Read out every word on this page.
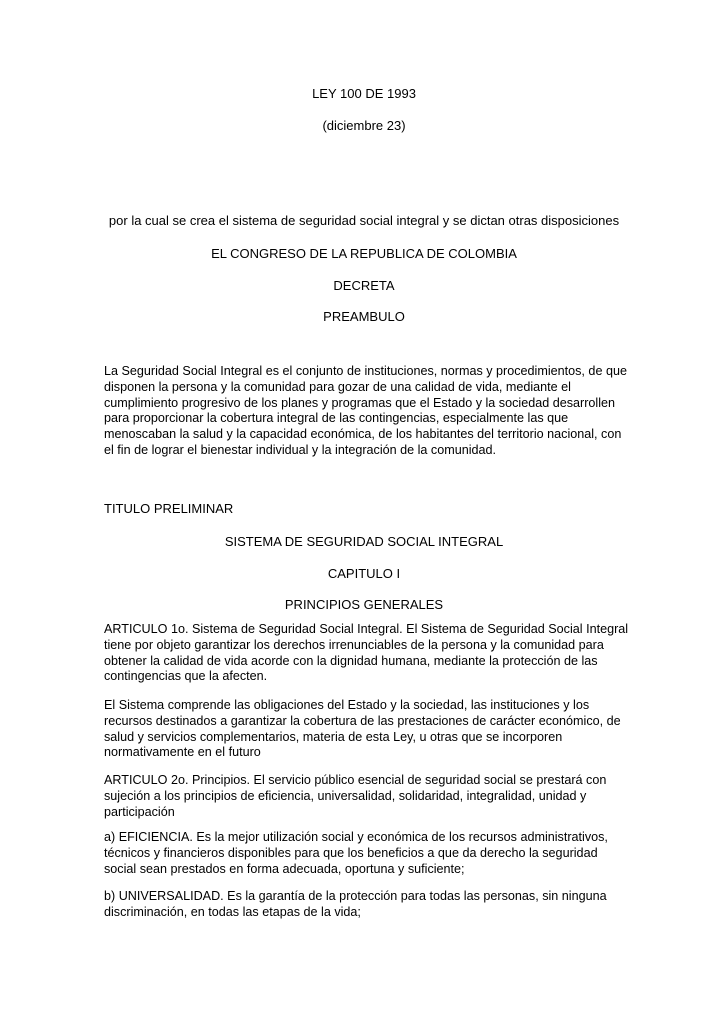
LEY 100 DE 1993

(diciembre 23)

por la cual se crea el sistema de seguridad social integral y se dictan otras disposiciones

EL CONGRESO DE LA REPUBLICA DE COLOMBIA

DECRETA

PREAMBULO

La Seguridad Social Integral es el conjunto de instituciones, normas y procedimientos, de que disponen la persona y la comunidad para gozar de una calidad de vida, mediante el cumplimiento progresivo de los planes y programas que el Estado y la sociedad desarrollen para proporcionar la cobertura integral de las contingencias, especialmente las que menoscaban la salud y la capacidad económica, de los habitantes del territorio nacional, con el fin de lograr el bienestar individual y la integración de la comunidad.

TITULO PRELIMINAR

SISTEMA DE SEGURIDAD SOCIAL INTEGRAL

CAPITULO I

PRINCIPIOS GENERALES

ARTICULO 1o. Sistema de Seguridad Social Integral. El Sistema de Seguridad Social Integral tiene por objeto garantizar los derechos irrenunciables de la persona y la comunidad para obtener la calidad de vida acorde con la dignidad humana, mediante la protección de las contingencias que la afecten.

El Sistema comprende las obligaciones del Estado y la sociedad, las instituciones y los recursos destinados a garantizar la cobertura de las prestaciones de carácter económico, de salud y servicios complementarios, materia de esta Ley, u otras que se incorporen normativamente en el futuro

ARTICULO 2o. Principios. El servicio público esencial de seguridad social se prestará con sujeción a los principios de eficiencia, universalidad, solidaridad, integralidad, unidad y participación

a) EFICIENCIA. Es la mejor utilización social y económica de los recursos administrativos, técnicos y financieros disponibles para que los beneficios a que da derecho la seguridad social sean prestados en forma adecuada, oportuna y suficiente;

b) UNIVERSALIDAD. Es la garantía de la protección para todas las personas, sin ninguna discriminación, en todas las etapas de la vida;
